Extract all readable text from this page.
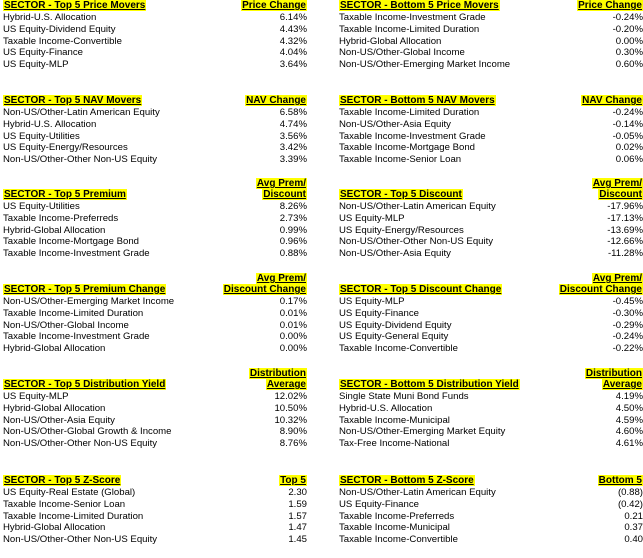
SECTOR - Top 5 Price Movers	Price Change
Hybrid-U.S. Allocation	6.14%
US Equity-Dividend Equity	4.43%
Taxable Income-Convertible	4.32%
US Equity-Finance	4.04%
US Equity-MLP	3.64%
SECTOR - Bottom 5 Price Movers	Price Change
Taxable Income-Investment Grade	-0.24%
Taxable Income-Limited Duration	-0.20%
Hybrid-Global Allocation	0.00%
Non-US/Other-Global Income	0.30%
Non-US/Other-Emerging Market Income	0.60%
SECTOR - Top 5 NAV Movers	NAV Change
Non-US/Other-Latin American Equity	6.58%
Hybrid-U.S. Allocation	4.74%
US Equity-Utilities	3.56%
US Equity-Energy/Resources	3.42%
Non-US/Other-Other Non-US Equity	3.39%
SECTOR - Bottom 5 NAV Movers	NAV Change
Taxable Income-Limited Duration	-0.24%
Non-US/Other-Asia Equity	-0.14%
Taxable Income-Investment Grade	-0.05%
Taxable Income-Mortgage Bond	0.02%
Taxable Income-Senior Loan	0.06%
SECTOR - Top 5 Premium
Avg Prem/
Discount
US Equity-Utilities	8.26%
Taxable Income-Preferreds	2.73%
Hybrid-Global Allocation	0.99%
Taxable Income-Mortgage Bond	0.96%
Taxable Income-Investment Grade	0.88%
SECTOR - Top 5 Discount
Avg Prem/
Discount
Non-US/Other-Latin American Equity	-17.96%
US Equity-MLP	-17.13%
US Equity-Energy/Resources	-13.69%
Non-US/Other-Other Non-US Equity	-12.66%
Non-US/Other-Asia Equity	-11.28%
SECTOR - Top 5 Premium Change
Avg Prem/
Discount Change
Non-US/Other-Emerging Market Income	0.17%
Taxable Income-Limited Duration	0.01%
Non-US/Other-Global Income	0.01%
Taxable Income-Investment Grade	0.00%
Hybrid-Global Allocation	0.00%
SECTOR - Top 5 Discount Change
Avg Prem/
Discount Change
US Equity-MLP	-0.45%
US Equity-Finance	-0.30%
US Equity-Dividend Equity	-0.29%
US Equity-General Equity	-0.24%
Taxable Income-Convertible	-0.22%
SECTOR - Top 5 Distribution Yield
Distribution
Average
US Equity-MLP	12.02%
Hybrid-Global Allocation	10.50%
Non-US/Other-Asia Equity	10.32%
Non-US/Other-Global Growth & Income	8.90%
Non-US/Other-Other Non-US Equity	8.76%
SECTOR - Bottom 5 Distribution Yield
Distribution
Average
Single State Muni Bond Funds	4.19%
Hybrid-U.S. Allocation	4.50%
Taxable Income-Municipal	4.59%
Non-US/Other-Emerging Market Equity	4.60%
Tax-Free Income-National	4.61%
SECTOR - Top 5 Z-Score	Top 5
US Equity-Real Estate (Global)	2.30
Taxable Income-Senior Loan	1.59
Taxable Income-Limited Duration	1.57
Hybrid-Global Allocation	1.47
Non-US/Other-Other Non-US Equity	1.45
SECTOR - Bottom 5 Z-Score	Bottom 5
Non-US/Other-Latin American Equity	(0.88)
US Equity-Finance	(0.42)
Taxable Income-Preferreds	0.21
Taxable Income-Municipal	0.37
Taxable Income-Convertible	0.40
